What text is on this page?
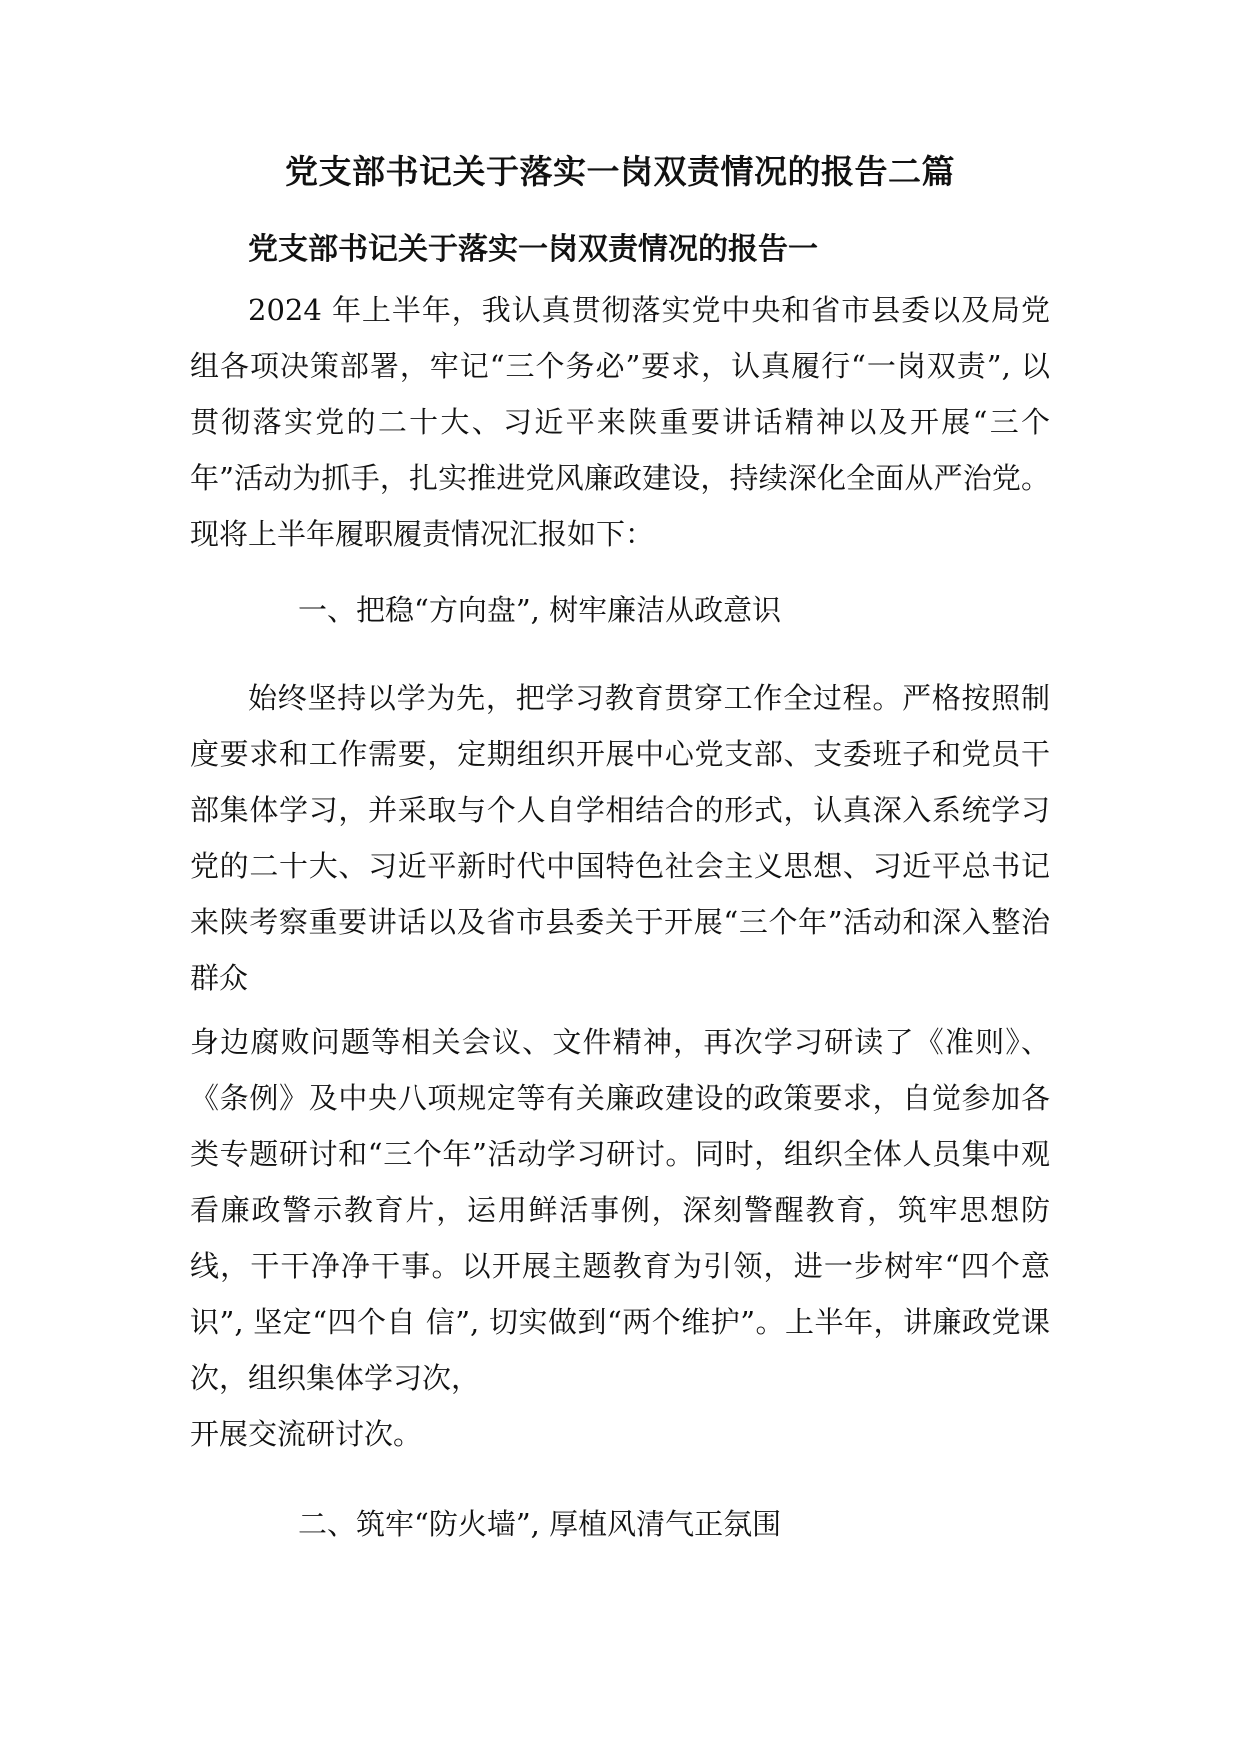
党支部书记关于落实一岗双责情况的报告二篇
党支部书记关于落实一岗双责情况的报告一

2024 年上半年，我认真贯彻落实党中央和省市县委以及局党组各项决策部署，牢记“三个务必”要求，认真履行“一岗双责”, 以贯彻落实党的二十大、习近平来陕重要讲话精神以及开展“三个年”活动为抓手，扎实推进党风廉政建设，持续深化全面从严治党。现将上半年履职履责情况汇报如下：

一、把稳“方向盘”, 树牢廉洁从政意识

始终坚持以学为先，把学习教育贯穿工作全过程。严格按照制度要求和工作需要，定期组织开展中心党支部、支委班子和党员干部集体学习，并采取与个人自学相结合的形式，认真深入系统学习党的二十大、习近平新时代中国特色社会主义思想、习近平总书记来陕考察重要讲话以及省市县委关于开展“三个年”活动和深入整治群众

身边腐败问题等相关会议、文件精神，再次学习研读了《准则》、《条例》及中央八项规定等有关廉政建设的政策要求，自觉参加各类专题研讨和“三个年”活动学习研讨。同时，组织全体人员集中观看廉政警示教育片，运用鲜活事例，深刻警醒教育，筑牢思想防线，干干净净干事。以开展主题教育为引领，进一步树牢“四个意识”, 坚定“四个自 信”, 切实做到“两个维护”。上半年，讲廉政党课次，组织集体学习次，

开展交流研讨次。

二、筑牢“防火墙”, 厚植风清气正氛围
